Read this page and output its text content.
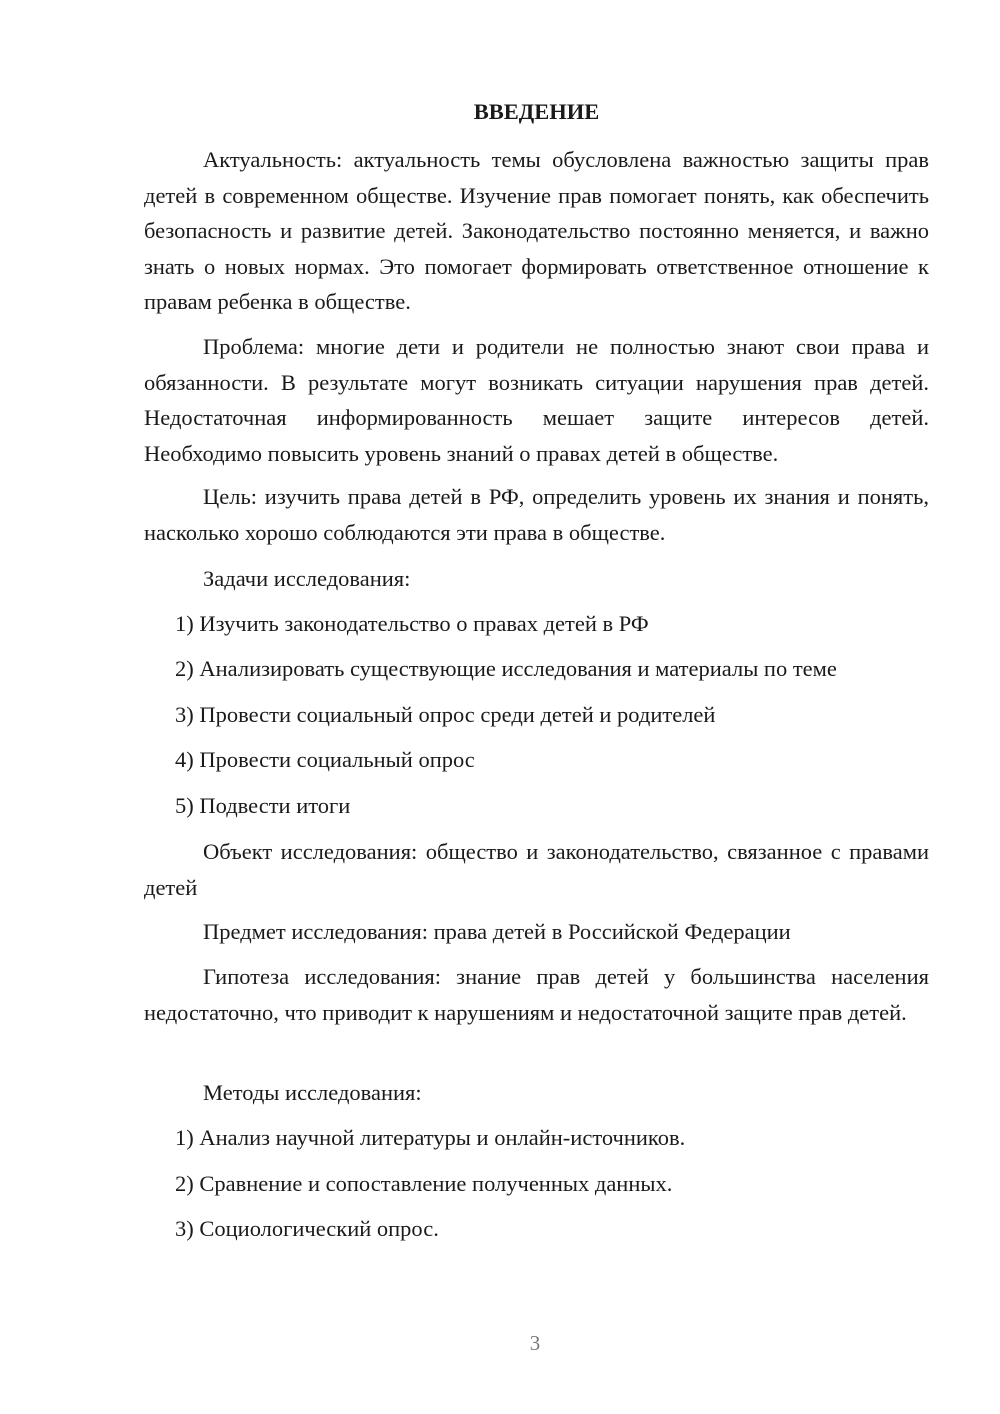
ВВЕДЕНИЕ

Актуальность: актуальность темы обусловлена важностью защиты прав детей в современном обществе. Изучение прав помогает понять, как обеспечить безопасность и развитие детей. Законодательство постоянно меняется, и важно знать о новых нормах. Это помогает формировать ответственное отношение к правам ребенка в обществе.

Проблема: многие дети и родители не полностью знают свои права и обязанности. В результате могут возникать ситуации нарушения прав детей. Недостаточная информированность мешает защите интересов детей. Необходимо повысить уровень знаний о правах детей в обществе.

Цель: изучить права детей в РФ, определить уровень их знания и понять, насколько хорошо соблюдаются эти права в обществе.

Задачи исследования:

1) Изучить законодательство о правах детей в РФ

2) Анализировать существующие исследования и материалы по теме

3) Провести социальный опрос среди детей и родителей

4) Провести социальный опрос

5) Подвести итоги

Объект исследования: общество и законодательство, связанное с правами детей

Предмет исследования: права детей в Российской Федерации

Гипотеза исследования: знание прав детей у большинства населения недостаточно, что приводит к нарушениям и недостаточной защите прав детей.

Методы исследования:

1) Анализ научной литературы и онлайн-источников.

2) Сравнение и сопоставление полученных данных.

3) Социологический опрос.

3
